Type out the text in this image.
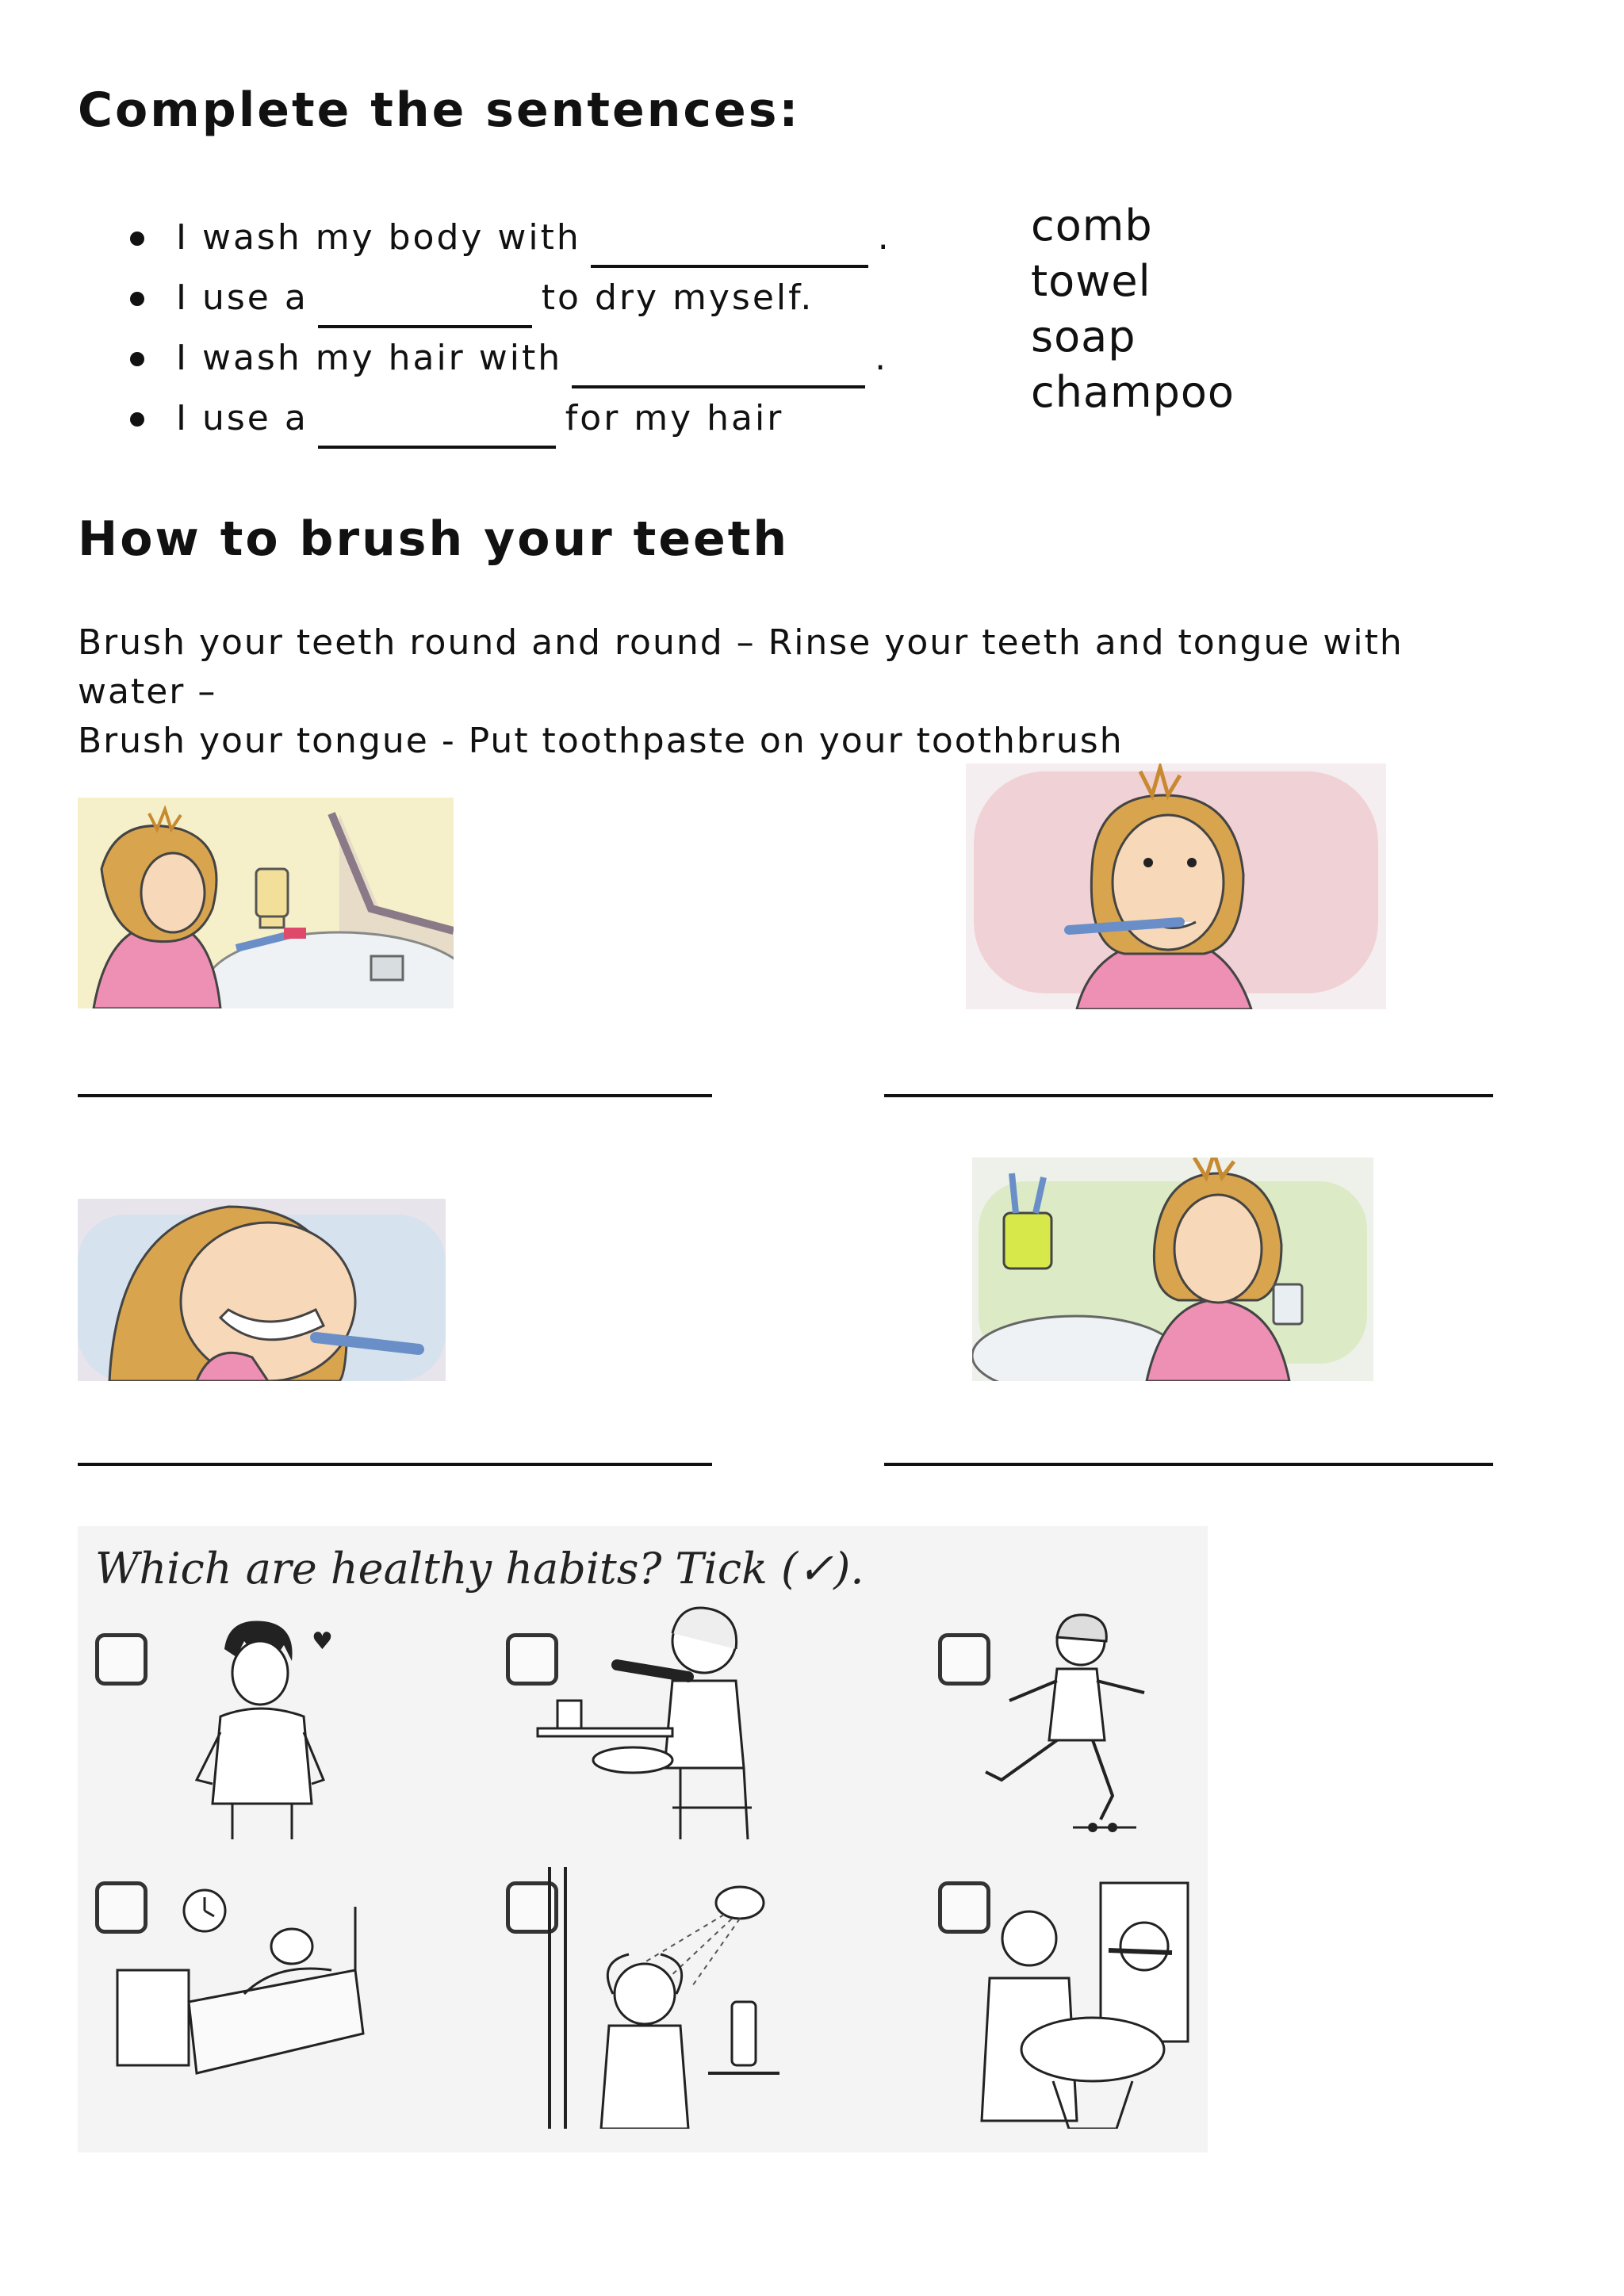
Complete the sentences:
I wash my body with	.
I use a	to dry myself.
I wash my hair with	.
I use a	for my hair
comb
towel
soap
champoo
How to brush your teeth

Brush your teeth round and round – Rinse your teeth and tongue with water –
Brush your tongue - Put toothpaste on your toothbrush

Which are healthy habits? Tick (✓).

♥
